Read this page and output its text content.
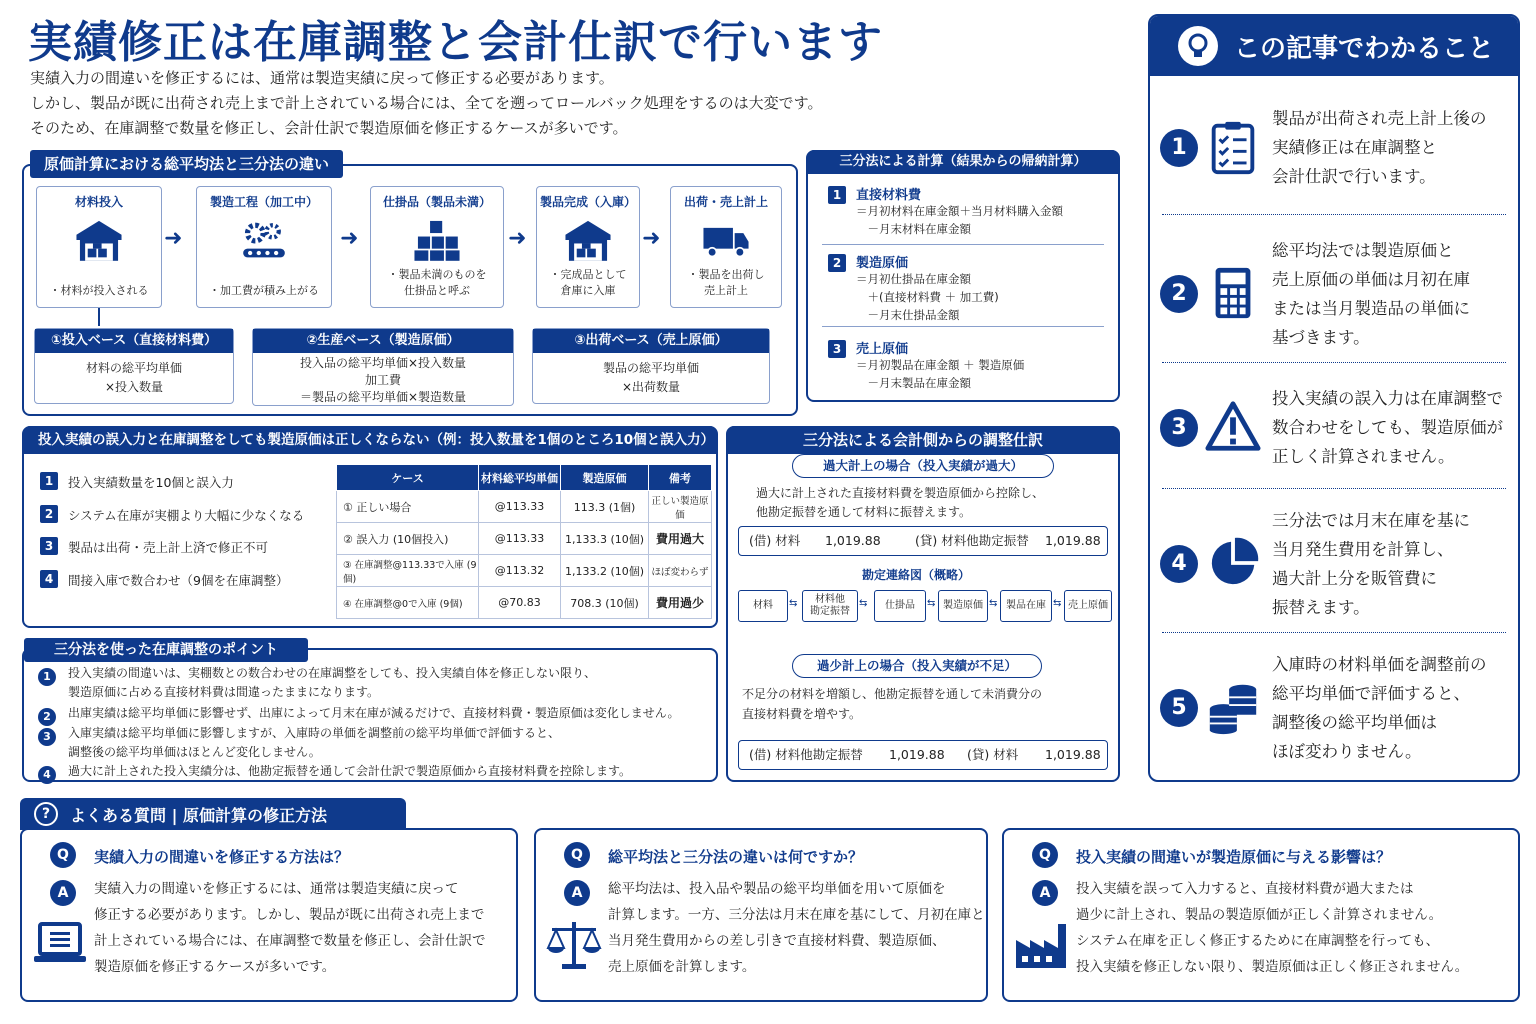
実績修正は在庫調整と会計仕訳で行います
実績入力の間違いを修正するには、通常は製造実績に戻って修正する必要があります。
しかし、製品が既に出荷され売上まで計上されている場合には、全てを遡ってロールバック処理をするのは大変です。
そのため、在庫調整で数量を修正し、会計仕訳で製造原価を修正するケースが多いです。
原価計算における総平均法と三分法の違い
材料投入
・材料が投入される
製造工程（加工中）
・加工費が積み上がる
仕掛品（製品未満）
・製品未満のものを
仕掛品と呼ぶ
製品完成（入庫）
・完成品として
倉庫に入庫
出荷・売上計上
・製品を出荷し
売上計上
➜	➜	➜	➜
①投入ベース（直接材料費）
材料の総平均単価
×投入数量
②生産ベース（製造原価）
投入品の総平均単価×投入数量
加工費
＝製品の総平均単価×製造数量
③出荷ベース（売上原価）
製品の総平均単価
×出荷数量
三分法による計算（結果からの帰納計算）
1	直接材料費
＝月初材料在庫金額＋当月材料購入金額
　－月末材料在庫金額
2	製造原価
＝月初仕掛品在庫金額
　＋(直接材料費 ＋ 加工費)
　－月末仕掛品金額
3	売上原価
＝月初製品在庫金額 ＋ 製造原価
　－月末製品在庫金額
投入実績の誤入力と在庫調整をしても製造原価は正しくならない（例：投入数量を1個のところ10個と誤入力）
1	投入実績数量を10個と誤入力
2	システム在庫が実棚より大幅に少なくなる
3	製品は出荷・売上計上済で修正不可
4	間接入庫で数合わせ（9個を在庫調整）
ケース	材料総平均単価	製造原価	備考
① 正しい場合	@113.33	113.3 (1個)	正しい製造原価
② 誤入力 (10個投入)	@113.33	1,133.3 (10個)	費用過大
③ 在庫調整@113.33で入庫 (9個)	@113.32	1,133.2 (10個)	ほぼ変わらず
④ 在庫調整@0で入庫 (9個)	@70.83	708.3 (10個)	費用過少
三分法を使った在庫調整のポイント
1	投入実績の間違いは、実棚数との数合わせの在庫調整をしても、投入実績自体を修正しない限り、
製造原価に占める直接材料費は間違ったままになります。
2	出庫実績は総平均単価に影響せず、出庫によって月末在庫が減るだけで、直接材料費・製造原価は変化しません。
3	入庫実績は総平均単価に影響しますが、入庫時の単価を調整前の総平均単価で評価すると、
調整後の総平均単価はほとんど変化しません。
4	過大に計上された投入実績分は、他勘定振替を通して会計仕訳で製造原価から直接材料費を控除します。
三分法による会計側からの調整仕訳
過大計上の場合（投入実績が過大）
過大に計上された直接材料費を製造原価から控除し、
他勘定振替を通して材料に振替えます。
(借) 材料 1,019.88	(貸) 材料他勘定振替 1,019.88
勘定連絡図（概略）
材料	⇆	材料他
勘定振替
⇆	仕掛品	⇆ 製造原価 ⇆ 製品在庫 ⇆ 売上原価
過少計上の場合（投入実績が不足）
不足分の材料を増額し、他勘定振替を通して未消費分の
直接材料費を増やす。
(借) 材料他勘定振替 1,019.88 (貸) 材料 1,019.88
この記事でわかること
1
製品が出荷され売上計上後の
実績修正は在庫調整と
会計仕訳で行います。
2
総平均法では製造原価と
売上原価の単価は月初在庫
または当月製造品の単価に
基づきます。
3
投入実績の誤入力は在庫調整で
数合わせをしても、製造原価が
正しく計算されません。
4
三分法では月末在庫を基に
当月発生費用を計算し、
過大計上分を販管費に
振替えます。
5
入庫時の材料単価を調整前の
総平均単価で評価すると、
調整後の総平均単価は
ほぼ変わりません。
?	よくある質問 | 原価計算の修正方法
Q	実績入力の間違いを修正する方法は？
A	実績入力の間違いを修正するには、通常は製造実績に戻って
修正する必要があります。しかし、製品が既に出荷され売上まで
計上されている場合には、在庫調整で数量を修正し、会計仕訳で
製造原価を修正するケースが多いです。
Q	総平均法と三分法の違いは何ですか？
A	総平均法は、投入品や製品の総平均単価を用いて原価を
計算します。一方、三分法は月末在庫を基にして、月初在庫と
当月発生費用からの差し引きで直接材料費、製造原価、
売上原価を計算します。
Q	投入実績の間違いが製造原価に与える影響は？
A	投入実績を誤って入力すると、直接材料費が過大または
過少に計上され、製品の製造原価が正しく計算されません。
システム在庫を正しく修正するために在庫調整を行っても、
投入実績を修正しない限り、製造原価は正しく修正されません。
